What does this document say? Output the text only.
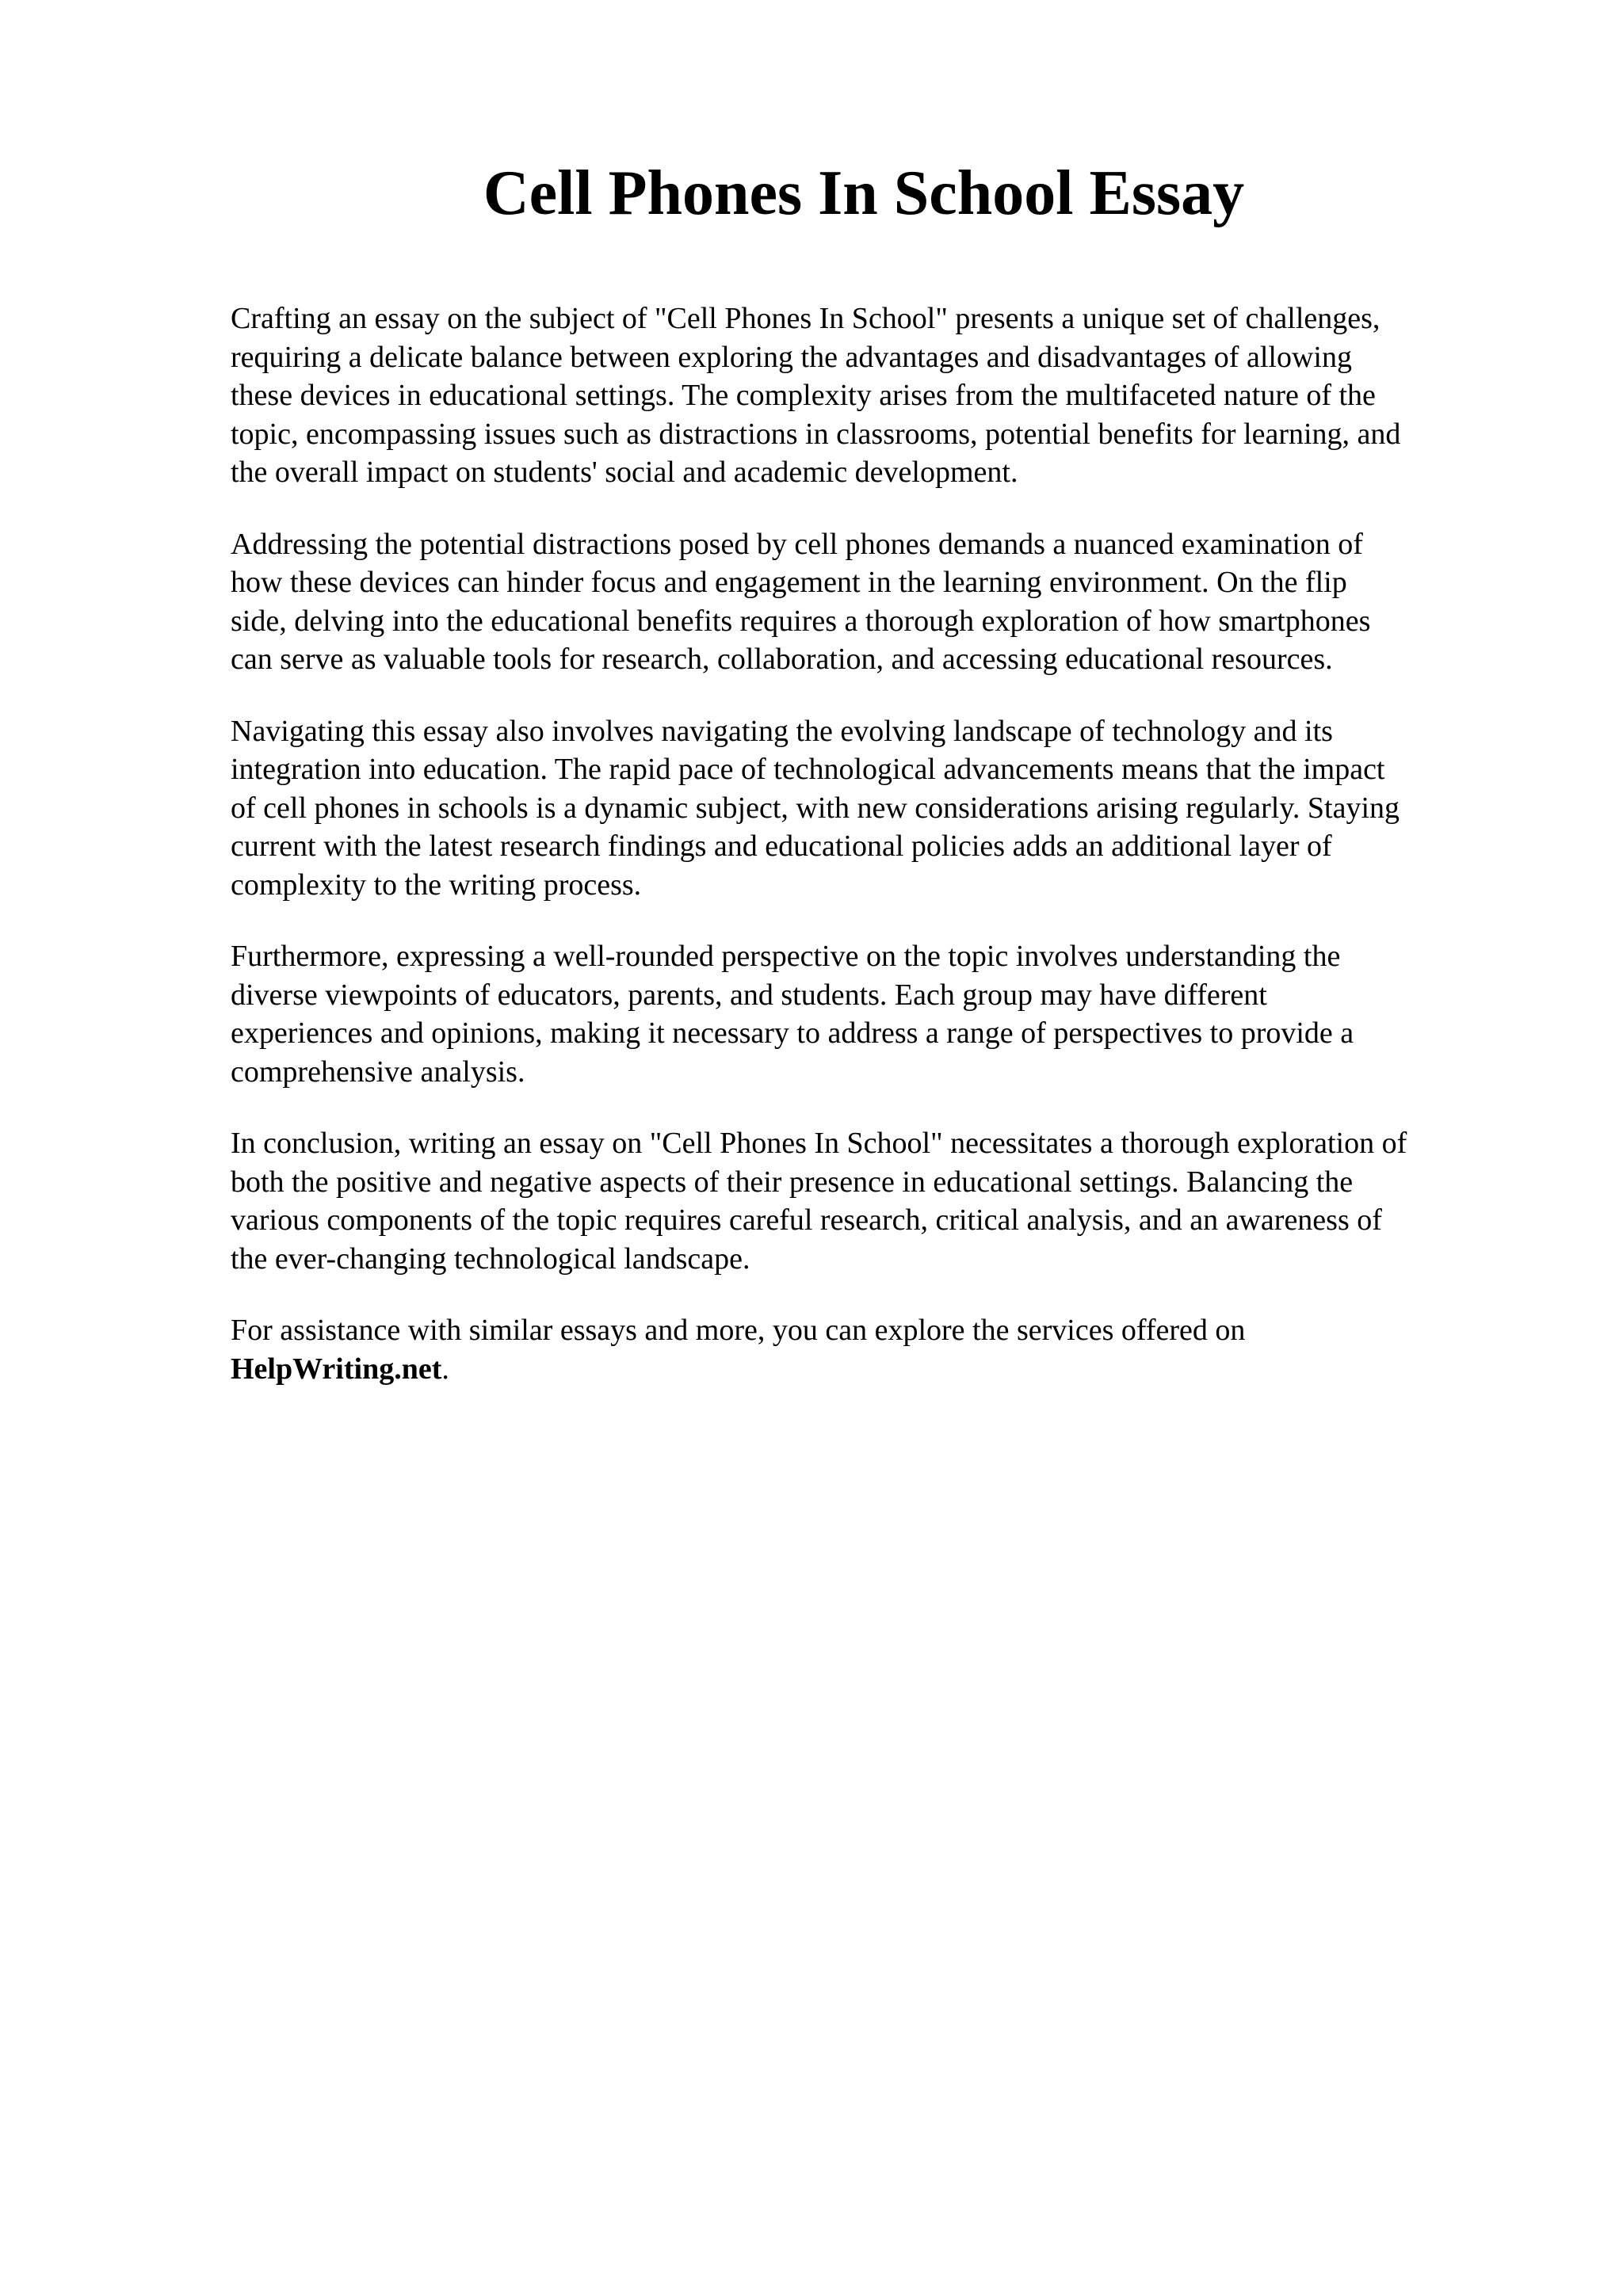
Cell Phones In School Essay

Crafting an essay on the subject of "Cell Phones In School" presents a unique set of challenges,
requiring a delicate balance between exploring the advantages and disadvantages of allowing
these devices in educational settings. The complexity arises from the multifaceted nature of the
topic, encompassing issues such as distractions in classrooms, potential benefits for learning, and
the overall impact on students' social and academic development.

Addressing the potential distractions posed by cell phones demands a nuanced examination of
how these devices can hinder focus and engagement in the learning environment. On the flip
side, delving into the educational benefits requires a thorough exploration of how smartphones
can serve as valuable tools for research, collaboration, and accessing educational resources.

Navigating this essay also involves navigating the evolving landscape of technology and its
integration into education. The rapid pace of technological advancements means that the impact
of cell phones in schools is a dynamic subject, with new considerations arising regularly. Staying
current with the latest research findings and educational policies adds an additional layer of
complexity to the writing process.

Furthermore, expressing a well-rounded perspective on the topic involves understanding the
diverse viewpoints of educators, parents, and students. Each group may have different
experiences and opinions, making it necessary to address a range of perspectives to provide a
comprehensive analysis.

In conclusion, writing an essay on "Cell Phones In School" necessitates a thorough exploration of
both the positive and negative aspects of their presence in educational settings. Balancing the
various components of the topic requires careful research, critical analysis, and an awareness of
the ever-changing technological landscape.

For assistance with similar essays and more, you can explore the services offered on
HelpWriting.net.
